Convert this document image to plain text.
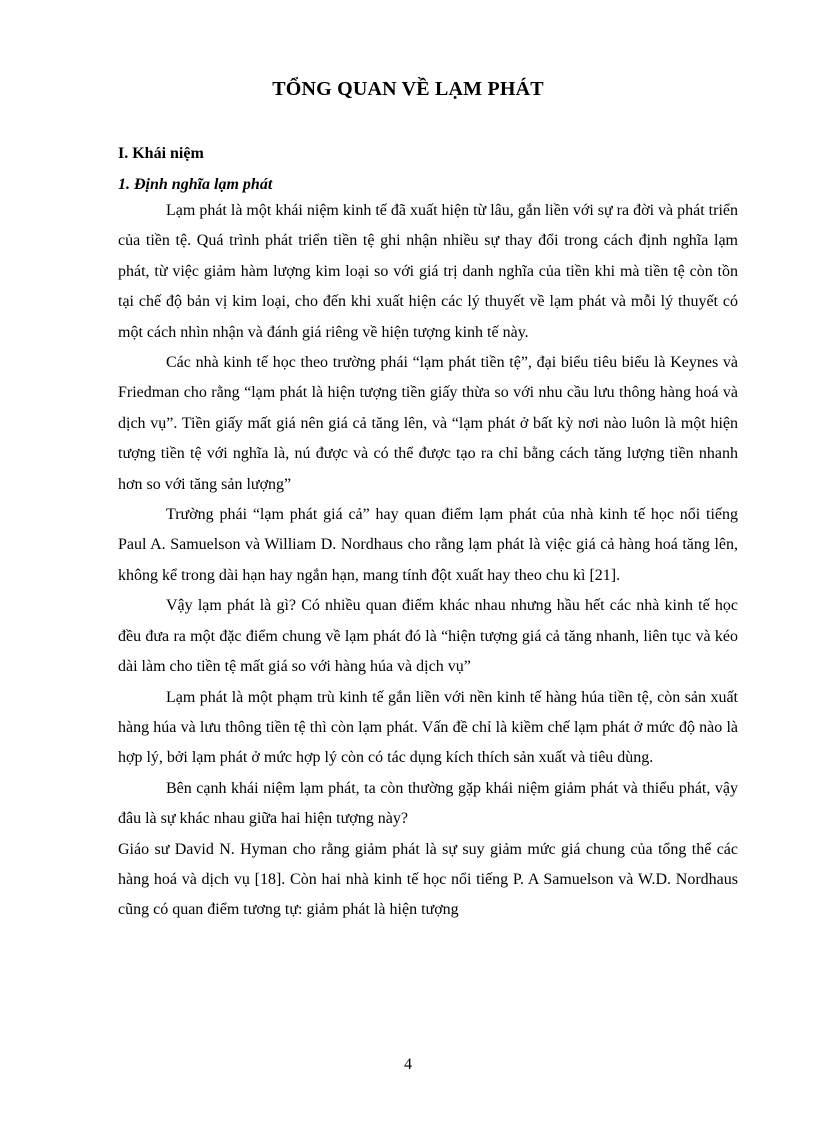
TỔNG QUAN VỀ LẠM PHÁT
I. Khái niệm
1. Định nghĩa lạm phát

Lạm phát là một khái niệm kinh tế đã xuất hiện từ lâu, gắn liền với sự ra đời và phát triển của tiền tệ. Quá trình phát triển tiền tệ ghi nhận nhiều sự thay đổi trong cách định nghĩa lạm phát, từ việc giảm hàm lượng kim loại so với giá trị danh nghĩa của tiền khi mà tiền tệ còn tồn tại chế độ bản vị kim loại, cho đến khi xuất hiện các lý thuyết về lạm phát và mỗi lý thuyết có một cách nhìn nhận và đánh giá riêng về hiện tượng kinh tế này.

Các nhà kinh tế học theo trường phái “lạm phát tiền tệ”, đại biểu tiêu biểu là Keynes và Friedman cho rằng “lạm phát là hiện tượng tiền giấy thừa so với nhu cầu lưu thông hàng hoá và dịch vụ”. Tiền giấy mất giá nên giá cả tăng lên, và “lạm phát ở bất kỳ nơi nào luôn là một hiện tượng tiền tệ với nghĩa là, nú được và có thể được tạo ra chỉ bằng cách tăng lượng tiền nhanh hơn so với tăng sản lượng”

Trường phái “lạm phát giá cả” hay quan điểm lạm phát của nhà kinh tế học nổi tiếng Paul A. Samuelson và William D. Nordhaus cho rằng lạm phát là việc giá cả hàng hoá tăng lên, không kể trong dài hạn hay ngắn hạn, mang tính đột xuất hay theo chu kì [21].

Vậy lạm phát là gì? Có nhiều quan điểm khác nhau nhưng hầu hết các nhà kinh tế học đều đưa ra một đặc điểm chung về lạm phát đó là “hiện tượng giá cả tăng nhanh, liên tục và kéo dài làm cho tiền tệ mất giá so với hàng húa và dịch vụ”

Lạm phát là một phạm trù kinh tế gắn liền với nền kinh tế hàng húa tiền tệ, còn sản xuất hàng húa và lưu thông tiền tệ thì còn lạm phát. Vấn đề chỉ là kiềm chế lạm phát ở mức độ nào là hợp lý, bởi lạm phát ở mức hợp lý còn có tác dụng kích thích sản xuất và tiêu dùng.

Bên cạnh khái niệm lạm phát, ta còn thường gặp khái niệm giảm phát và thiểu phát, vậy đâu là sự khác nhau giữa hai hiện tượng này?

Giáo sư David N. Hyman cho rằng giảm phát là sự suy giảm mức giá chung của tổng thể các hàng hoá và dịch vụ [18]. Còn hai nhà kinh tế học nổi tiếng P. A Samuelson và W.D. Nordhaus cũng có quan điểm tương tự: giảm phát là hiện tượng

4
